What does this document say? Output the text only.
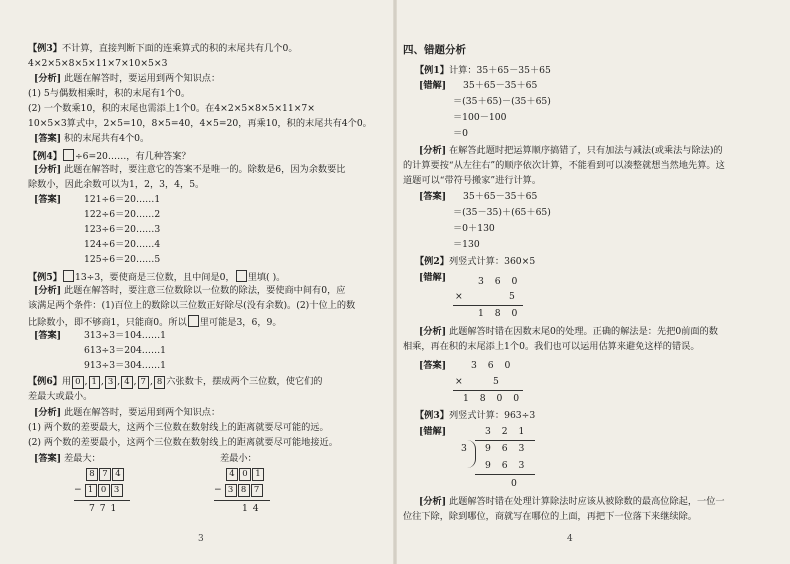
【例3】不计算，直接判断下面的连乘算式的积的末尾共有几个0。
4×2×5×8×5×11×7×10×5×3
[分析] 此题在解答时，要运用到两个知识点：
(1) 5与偶数相乘时，积的末尾有1个0。
(2) 一个数乘10，积的末尾也需添上1个0。在4×2×5×8×5×11×7×
10×5×3算式中，2×5=10，8×5=40，4×5=20，再乘10，积的末尾共有4个0。
[答案] 积的末尾共有4个0。
【例4】 ÷6=20……，有几种答案？
[分析] 此题在解答时，要注意它的答案不是唯一的。除数是6，因为余数要比
除数小，因此余数可以为1，2，3，4，5。
[答案] 121÷6＝20……1
122÷6＝20……2
123÷6＝20……3
124÷6＝20……4
125÷6＝20……5
【例5】 13÷3，要使商是三位数，且中间是0， 里填( )。
[分析] 此题在解答时，要注意三位数除以一位数的除法，要使商中间有0，应
该满足两个条件：(1)百位上的数除以三位数正好除尽(没有余数)。(2)十位上的数
比除数小，即不够商1，只能商0。所以 里可能是3，6，9。
[答案] 313÷3＝104……1
613÷3＝204……1
913÷3＝304……1
【例6】用 0 , 1 , 3 , 4 , 7 , 8 六张数卡，摆成两个三位数，使它们的
差最大或最小。
[分析] 此题在解答时，要运用到两个知识点：
(1) 两个数的差要最大，这两个三位数在数射线上的距离就要尽可能的远。
(2) 两个数的差要最小，这两个三位数在数射线上的距离就要尽可能地接近。
[答案] 差最大：	差最小：
8 7 4
− 1 0 3
7 7 1
4 0 1
− 3 8 7
1 4
3
四、错题分析
【例1】计算：35＋65－35＋65
[错解] 35＋65－35＋65
＝(35＋65)－(35＋65)
＝100－100
＝0
[分析] 在解答此题时把运算顺序搞错了，只有加法与减法(或乘法与除法)的
的计算要按“从左往右”的顺序依次计算，不能看到可以凑整就想当然地先算。这
道题可以“带符号搬家”进行计算。
[答案] 35＋65－35＋65
＝(35－35)＋(65＋65)
＝0＋130
＝130
【例2】列竖式计算：360×5
[错解]	3 6 0
×	5
1 8 0
[分析] 此题解答时错在因数末尾0的处理。正确的解法是：先把0前面的数
相乘，再在积的末尾添上1个0。我们也可以运用估算来避免这样的错误。
[答案]	3 6 0
×	5
1 8 0 0
【例3】列竖式计算：963÷3
[错解]	3 2 1
3 9 6 3
9 6 3
0
[分析] 此题解答时错在处理计算除法时应该从被除数的最高位除起，一位一
位往下除，除到哪位，商就写在哪位的上面，再把下一位落下来继续除。
4
